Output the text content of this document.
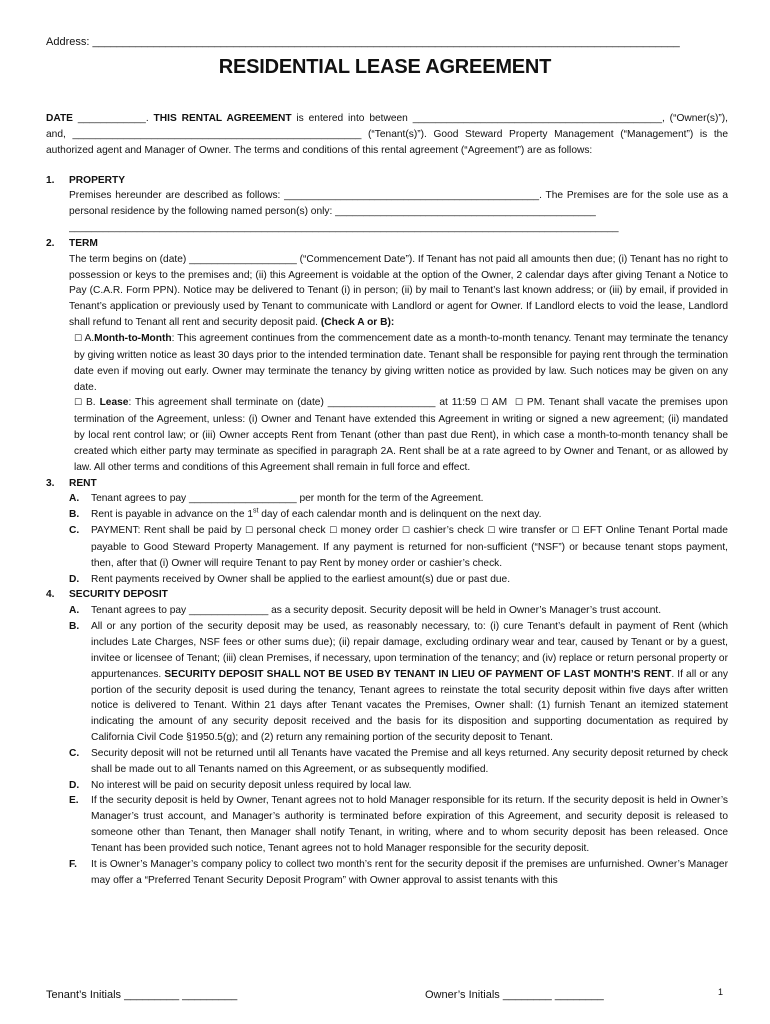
Address: ________________________________________________________________________________________________
RESIDENTIAL LEASE AGREEMENT

DATE ____________. THIS RENTAL AGREEMENT is entered into between ____________________________________________, (“Owner(s)”), and, ___________________________________________________ (“Tenant(s)”). Good Steward Property Management (“Management”) is the authorized agent and Manager of Owner. The terms and conditions of this rental agreement (“Agreement”) are as follows:

1. PROPERTY

Premises hereunder are described as follows: _____________________________________________. The Premises are for the sole use as a personal residence by the following named person(s) only: ______________________________________________

_________________________________________________________________________________________________

2. TERM

The term begins on (date) ___________________ (“Commencement Date”). If Tenant has not paid all amounts then due; (i) Tenant has no right to possession or keys to the premises and; (ii) this Agreement is voidable at the option of the Owner, 2 calendar days after giving Tenant a Notice to Pay (C.A.R. Form PPN). Notice may be delivered to Tenant (i) in person; (ii) by mail to Tenant’s last known address; or (iii) by email, if provided in Tenant’s application or previously used by Tenant to communicate with Landlord or agent for Owner. If Landlord elects to void the lease, Landlord shall refund to Tenant all rent and security deposit paid. (Check A or B):

☐ A.Month-to-Month: This agreement continues from the commencement date as a month-to-month tenancy. Tenant may terminate the tenancy by giving written notice as least 30 days prior to the intended termination date. Tenant shall be responsible for paying rent through the termination date even if moving out early. Owner may terminate the tenancy by giving written notice as provided by law. Such notices may be given on any date.

☐ B. Lease: This agreement shall terminate on (date) ___________________ at 11:59 ☐ AM ☐ PM. Tenant shall vacate the premises upon termination of the Agreement, unless: (i) Owner and Tenant have extended this Agreement in writing or signed a new agreement; (ii) mandated by local rent control law; or (iii) Owner accepts Rent from Tenant (other than past due Rent), in which case a month-to-month tenancy shall be created which either party may terminate as specified in paragraph 2A. Rent shall be at a rate agreed to by Owner and Tenant, or as allowed by law. All other terms and conditions of this Agreement shall remain in full force and effect.

3. RENT

A. Tenant agrees to pay ___________________ per month for the term of the Agreement.

B. Rent is payable in advance on the 1st day of each calendar month and is delinquent on the next day.

C. PAYMENT: Rent shall be paid by ☐ personal check ☐ money order ☐ cashier’s check ☐ wire transfer or ☐ EFT Online Tenant Portal made payable to Good Steward Property Management. If any payment is returned for non-sufficient (“NSF”) or because tenant stops payment, then, after that (i) Owner will require Tenant to pay Rent by money order or cashier’s check.

D. Rent payments received by Owner shall be applied to the earliest amount(s) due or past due.

4. SECURITY DEPOSIT

A. Tenant agrees to pay ______________ as a security deposit. Security deposit will be held in Owner’s Manager’s trust account.

B. All or any portion of the security deposit may be used, as reasonably necessary, to: (i) cure Tenant’s default in payment of Rent (which includes Late Charges, NSF fees or other sums due); (ii) repair damage, excluding ordinary wear and tear, caused by Tenant or by a guest, invitee or licensee of Tenant; (iii) clean Premises, if necessary, upon termination of the tenancy; and (iv) replace or return personal property or appurtenances. SECURITY DEPOSIT SHALL NOT BE USED BY TENANT IN LIEU OF PAYMENT OF LAST MONTH’S RENT. If all or any portion of the security deposit is used during the tenancy, Tenant agrees to reinstate the total security deposit within five days after written notice is delivered to Tenant. Within 21 days after Tenant vacates the Premises, Owner shall: (1) furnish Tenant an itemized statement indicating the amount of any security deposit received and the basis for its disposition and supporting documentation as required by California Civil Code §1950.5(g); and (2) return any remaining portion of the security deposit to Tenant.

C. Security deposit will not be returned until all Tenants have vacated the Premise and all keys returned. Any security deposit returned by check shall be made out to all Tenants named on this Agreement, or as subsequently modified.

D. No interest will be paid on security deposit unless required by local law.

E. If the security deposit is held by Owner, Tenant agrees not to hold Manager responsible for its return. If the security deposit is held in Owner’s Manager’s trust account, and Manager’s authority is terminated before expiration of this Agreement, and security deposit is released to someone other than Tenant, then Manager shall notify Tenant, in writing, where and to whom security deposit has been released. Once Tenant has been provided such notice, Tenant agrees not to hold Manager responsible for the security deposit.

F. It is Owner’s Manager’s company policy to collect two month’s rent for the security deposit if the premises are unfurnished. Owner’s Manager may offer a “Preferred Tenant Security Deposit Program” with Owner approval to assist tenants with this

Tenant’s Initials _________ _________	Owner’s Initials ________ ________	1
